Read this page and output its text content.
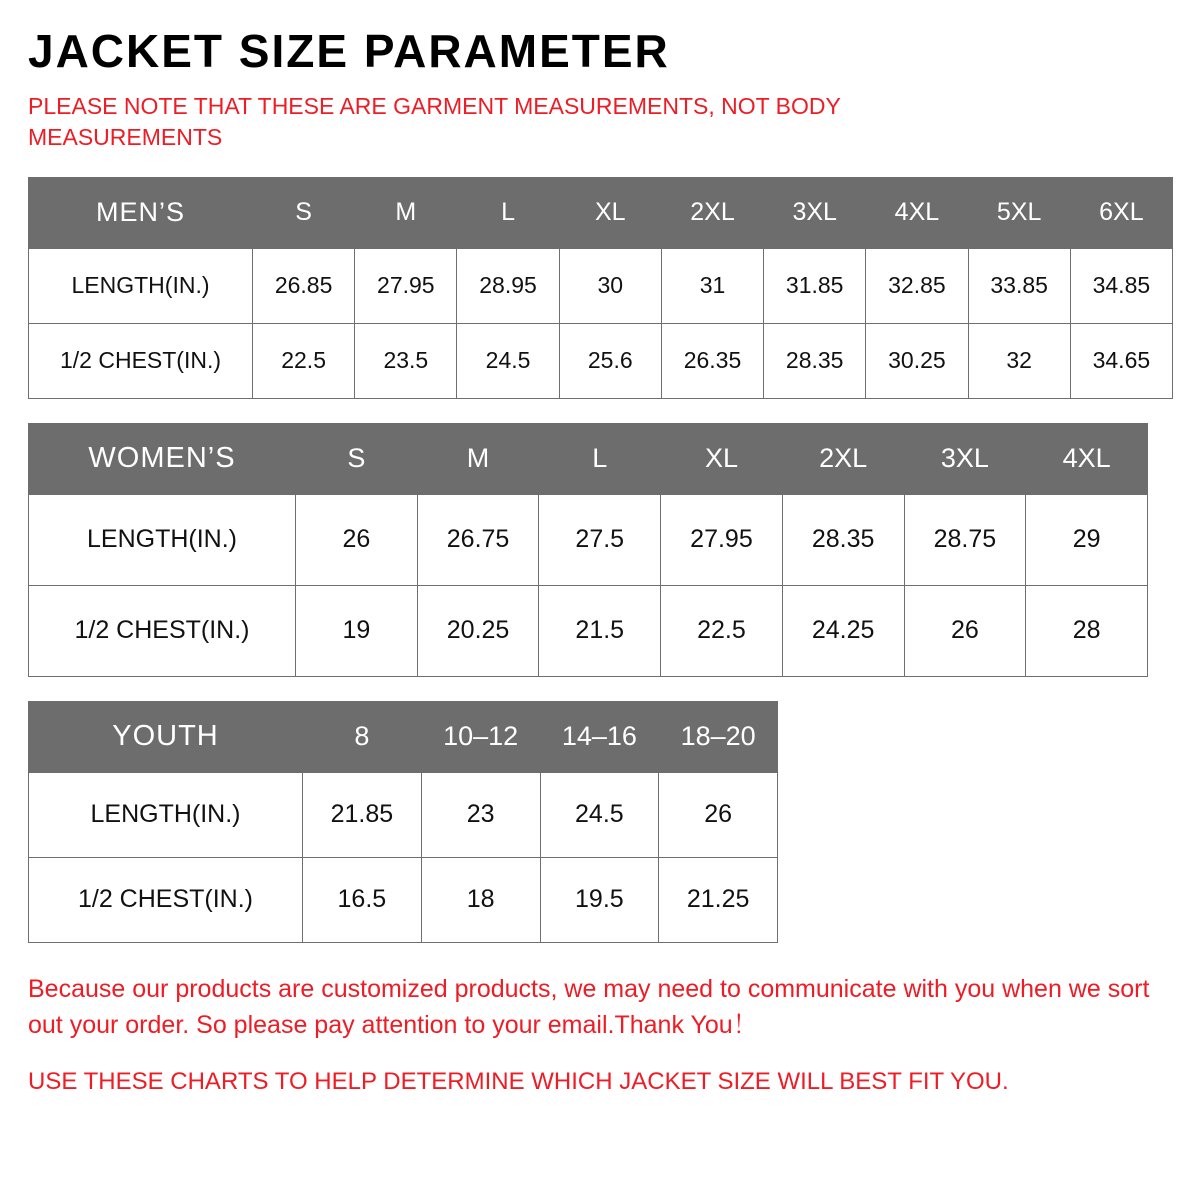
JACKET SIZE PARAMETER
PLEASE NOTE THAT THESE ARE GARMENT MEASUREMENTS, NOT BODY MEASUREMENTS
MEN’S	S	M	L	XL	2XL	3XL	4XL	5XL	6XL
LENGTH(IN.)	26.85	27.95	28.95	30	31	31.85	32.85	33.85	34.85
1/2 CHEST(IN.)	22.5	23.5	24.5	25.6	26.35	28.35	30.25	32	34.65
WOMEN’S	S	M	L	XL	2XL	3XL	4XL
LENGTH(IN.)	26	26.75	27.5	27.95	28.35	28.75	29
1/2 CHEST(IN.)	19	20.25	21.5	22.5	24.25	26	28
YOUTH	8	10–12	14–16	18–20
LENGTH(IN.)	21.85	23	24.5	26
1/2 CHEST(IN.)	16.5	18	19.5	21.25
Because our products are customized products, we may need to communicate with you when we sort out your order. So please pay attention to your email.Thank You！
USE THESE CHARTS TO HELP DETERMINE WHICH JACKET SIZE WILL BEST FIT YOU.
